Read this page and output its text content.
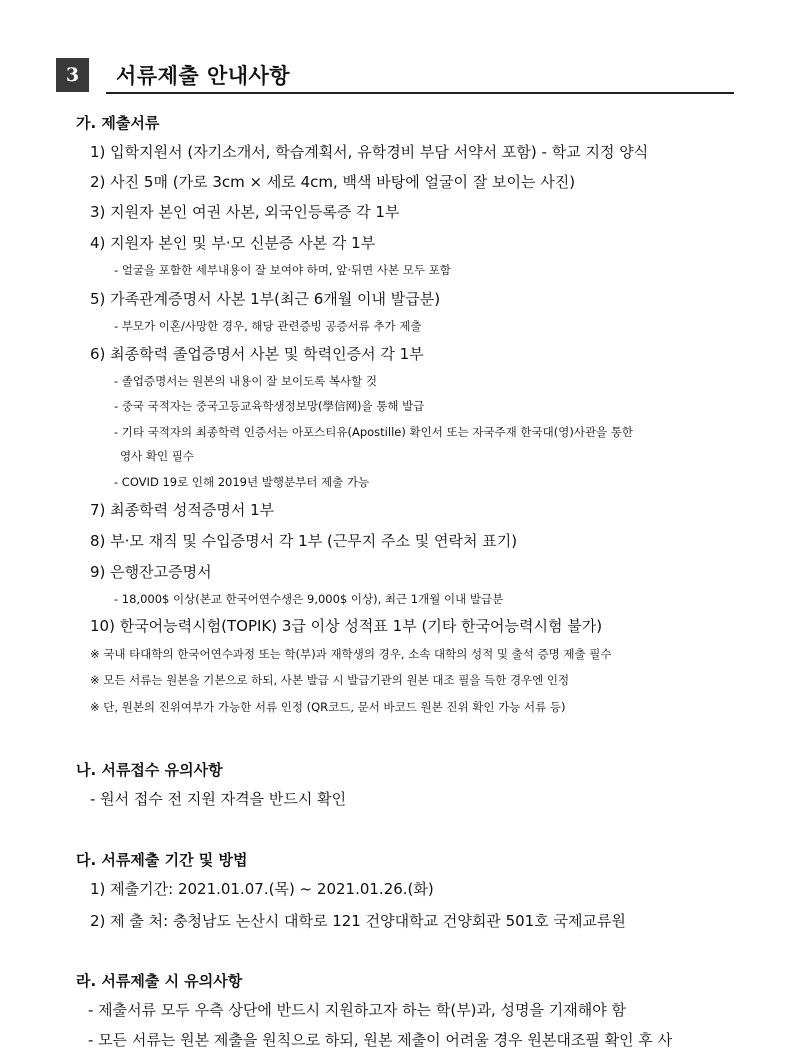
3	서류제출 안내사항
가. 제출서류
1) 입학지원서 (자기소개서, 학습계획서, 유학경비 부담 서약서 포함) - 학교 지정 양식
2) 사진 5매 (가로 3cm × 세로 4cm, 백색 바탕에 얼굴이 잘 보이는 사진)
3) 지원자 본인 여권 사본, 외국인등록증 각 1부
4) 지원자 본인 및 부·모 신분증 사본 각 1부
- 얼굴을 포함한 세부내용이 잘 보여야 하며, 앞·뒤면 사본 모두 포함
5) 가족관계증명서 사본 1부(최근 6개월 이내 발급분)
- 부모가 이혼/사망한 경우, 해당 관련증빙 공증서류 추가 제출
6) 최종학력 졸업증명서 사본 및 학력인증서 각 1부
- 졸업증명서는 원본의 내용이 잘 보이도록 복사할 것
- 중국 국적자는 중국고등교육학생정보망(學信网)을 통해 발급
- 기타 국적자의 최종학력 인증서는 아포스티유(Apostille) 확인서 또는 자국주재 한국대(영)사관을 통한
영사 확인 필수
- COVID 19로 인해 2019년 발행분부터 제출 가능
7) 최종학력 성적증명서 1부
8) 부·모 재직 및 수입증명서 각 1부 (근무지 주소 및 연락처 표기)
9) 은행잔고증명서
- 18,000$ 이상(본교 한국어연수생은 9,000$ 이상), 최근 1개월 이내 발급분
10) 한국어능력시험(TOPIK) 3급 이상 성적표 1부 (기타 한국어능력시험 불가)
※ 국내 타대학의 한국어연수과정 또는 학(부)과 재학생의 경우, 소속 대학의 성적 및 출석 증명 제출 필수
※ 모든 서류는 원본을 기본으로 하되, 사본 발급 시 발급기관의 원본 대조 필을 득한 경우엔 인정
※ 단, 원본의 진위여부가 가능한 서류 인정 (QR코드, 문서 바코드 원본 진위 확인 가능 서류 등)
나. 서류접수 유의사항
- 원서 접수 전 지원 자격을 반드시 확인
다. 서류제출 기간 및 방법
1) 제출기간: 2021.01.07.(목) ~ 2021.01.26.(화)
2) 제 출 처: 충청남도 논산시 대학로 121 건양대학교 건양회관 501호 국제교류원
라. 서류제출 시 유의사항
- 제출서류 모두 우측 상단에 반드시 지원하고자 하는 학(부)과, 성명을 기재해야 함
- 모든 서류는 원본 제출을 원칙으로 하되, 원본 제출이 어려울 경우 원본대조필 확인 후 사
